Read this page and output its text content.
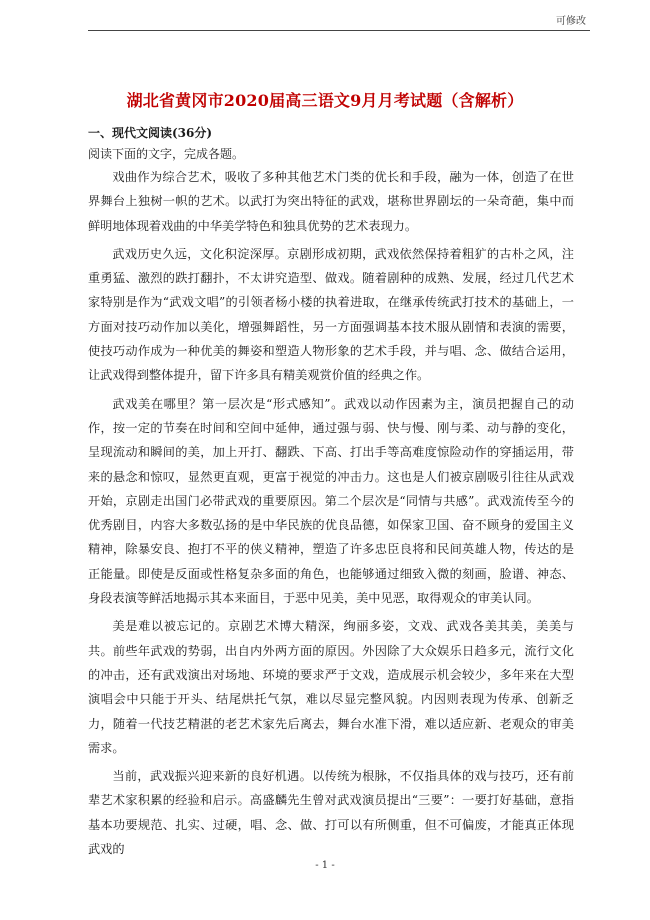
可修改
湖北省黄冈市2020届高三语文9月月考试题（含解析）
一、现代文阅读(36分)
阅读下面的文字，完成各题。

戏曲作为综合艺术，吸收了多种其他艺术门类的优长和手段，融为一体，创造了在世界舞台上独树一帜的艺术。以武打为突出特征的武戏，堪称世界剧坛的一朵奇葩，集中而鲜明地体现着戏曲的中华美学特色和独具优势的艺术表现力。

武戏历史久远，文化积淀深厚。京剧形成初期，武戏依然保持着粗犷的古朴之风，注重勇猛、激烈的跌打翻扑，不太讲究造型、做戏。随着剧种的成熟、发展，经过几代艺术家特别是作为“武戏文唱”的引领者杨小楼的执着进取，在继承传统武打技术的基础上，一方面对技巧动作加以美化，增强舞蹈性，另一方面强调基本技术服从剧情和表演的需要，使技巧动作成为一种优美的舞姿和塑造人物形象的艺术手段，并与唱、念、做结合运用，让武戏得到整体提升，留下许多具有精美观赏价值的经典之作。

武戏美在哪里？第一层次是“形式感知”。武戏以动作因素为主，演员把握自己的动作，按一定的节奏在时间和空间中延伸，通过强与弱、快与慢、刚与柔、动与静的变化，呈现流动和瞬间的美，加上开打、翻跌、下高、打出手等高难度惊险动作的穿插运用，带来的悬念和惊叹，显然更直观，更富于视觉的冲击力。这也是人们被京剧吸引往往从武戏开始，京剧走出国门必带武戏的重要原因。第二个层次是“同情与共感”。武戏流传至今的优秀剧目，内容大多数弘扬的是中华民族的优良品德，如保家卫国、奋不顾身的爱国主义精神，除暴安良、抱打不平的侠义精神，塑造了许多忠臣良将和民间英雄人物，传达的是正能量。即使是反面或性格复杂多面的角色，也能够通过细致入微的刻画，脸谱、神态、身段表演等鲜活地揭示其本来面目，于恶中见美，美中见恶，取得观众的审美认同。

美是难以被忘记的。京剧艺术博大精深，绚丽多姿，文戏、武戏各美其美，美美与共。前些年武戏的势弱，出自内外两方面的原因。外因除了大众娱乐日趋多元，流行文化的冲击，还有武戏演出对场地、环境的要求严于文戏，造成展示机会较少，多年来在大型演唱会中只能于开头、结尾烘托气氛，难以尽显完整风貌。内因则表现为传承、创新乏力，随着一代技艺精湛的老艺术家先后离去，舞台水准下滑，难以适应新、老观众的审美需求。

当前，武戏振兴迎来新的良好机遇。以传统为根脉，不仅指具体的戏与技巧，还有前辈艺术家积累的经验和启示。高盛麟先生曾对武戏演员提出“三要”：一要打好基础，意指基本功要规范、扎实、过硬，唱、念、做、打可以有所侧重，但不可偏废，才能真正体现武戏的

- 1 -
